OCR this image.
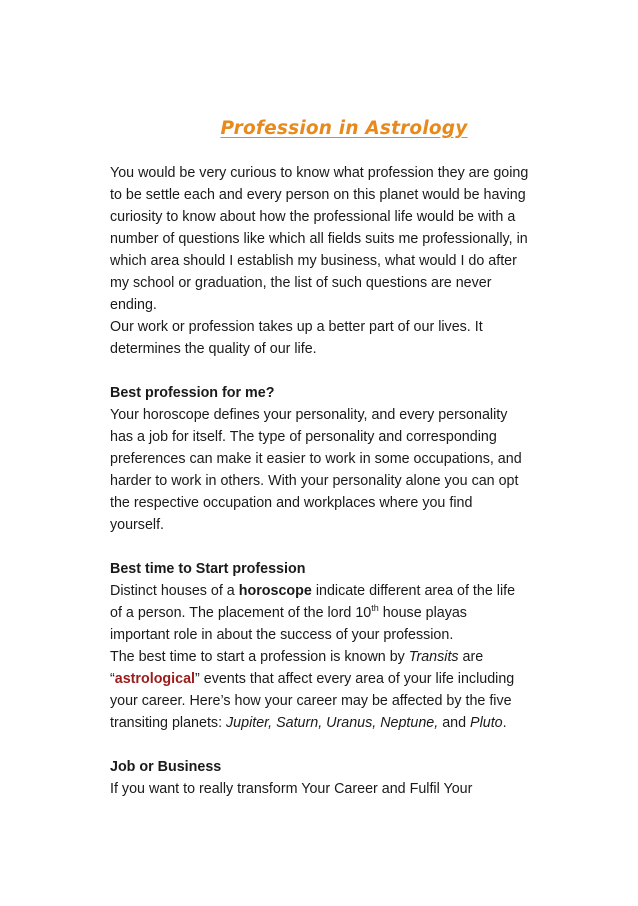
Profession in Astrology

You would be very curious to know what profession they are going to be settle each and every person on this planet would be having curiosity to know about how the professional life would be with a number of questions like which all fields suits me professionally, in which area should I establish my business, what would I do after my school or graduation, the list of such questions are never ending.

Our work or profession takes up a better part of our lives. It determines the quality of our life.

Best profession for me?

Your horoscope defines your personality, and every personality has a job for itself. The type of personality and corresponding preferences can make it easier to work in some occupations, and harder to work in others. With your personality alone you can opt the respective occupation and workplaces where you find yourself.

Best time to Start profession

Distinct houses of a horoscope indicate different area of the life of a person. The placement of the lord 10th house playas important role in about the success of your profession.

The best time to start a profession is known by Transits are “astrological” events that affect every area of your life including your career. Here’s how your career may be affected by the five transiting planets: Jupiter, Saturn, Uranus, Neptune, and Pluto.

Job or Business

If you want to really transform Your Career and Fulfil Your
